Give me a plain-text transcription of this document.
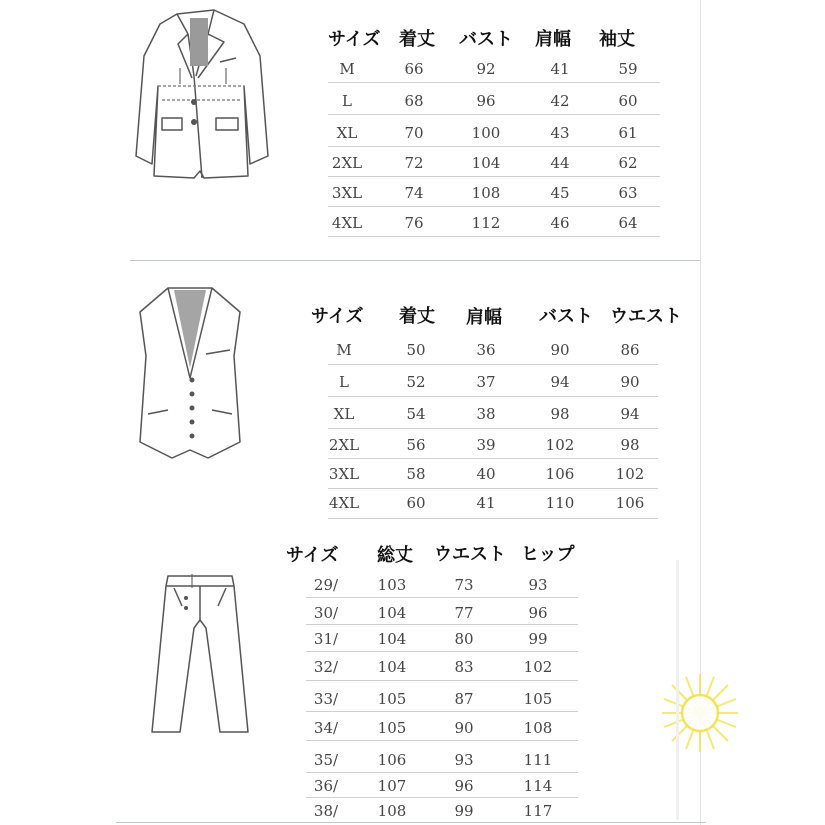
サイズ 着丈 バスト 肩幅 袖丈
M	66	92	41	59
L	68	96	42	60
XL	70	100	43	61
2XL	72	104	44	62
3XL	74	108	45	63
4XL	76	112	46	64
サイズ 着丈 肩幅 バスト ウエスト
M	50	36	90	86
L	52	37	94	90
XL	54	38	98	94
2XL	56	39	102	98
3XL	58	40	106	102
4XL	60	41	110	106
サイズ 総丈 ウエスト ヒップ
29/	103	73	93
30/	104	77	96
31/	104	80	99
32/	104	83	102
33/	105	87	105
34/	105	90	108
35/	106	93	111
36/	107	96	114
38/	108	99	117
